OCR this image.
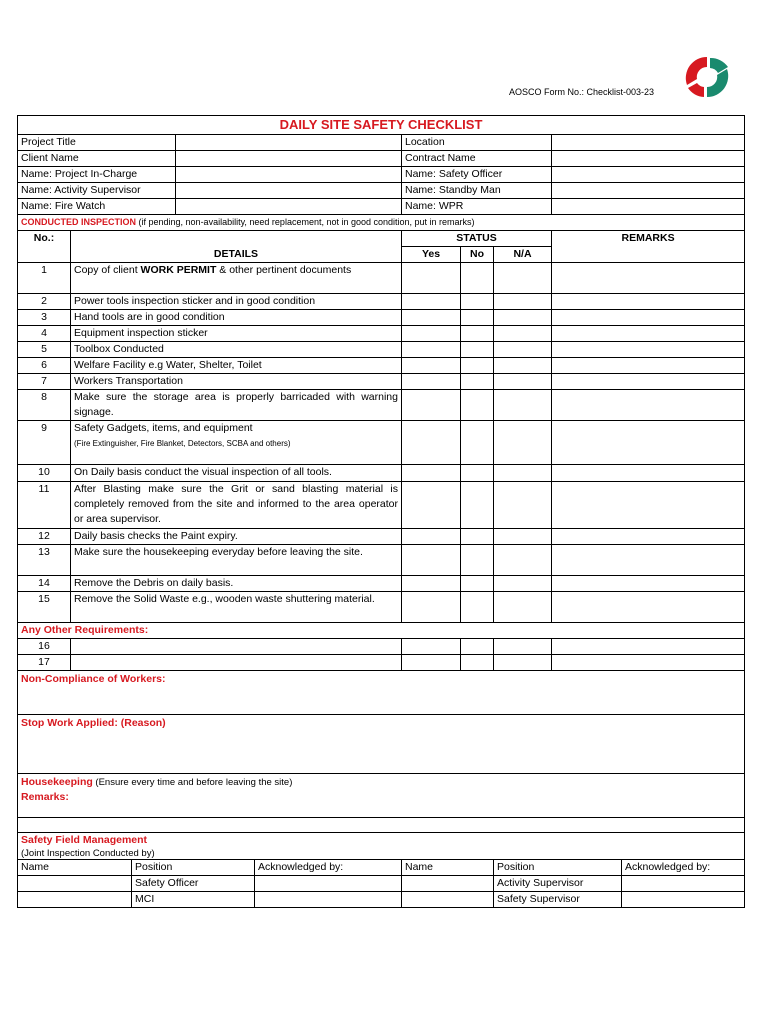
AOSCO Form No.: Checklist-003-23
DAILY SITE SAFETY CHECKLIST						
Project Title			Location			
Client Name			Contract Name			
Name: Project In-Charge			Name: Safety Officer			
Name: Activity Supervisor			Name: Standby Man			
Name: Fire Watch			Name: WPR			
CONDUCTED INSPECTION (if pending, non-availability, need replacement, not in good condition, put in remarks)						
No.:	DETAILS		STATUS			REMARKS
			Yes	No	N/A	
1	Copy of client WORK PERMIT & other pertinent documents					
2	Power tools inspection sticker and in good condition					
3	Hand tools are in good condition					
4	Equipment inspection sticker					
5	Toolbox Conducted					
6	Welfare Facility e.g Water, Shelter, Toilet					
7	Workers Transportation					
8	Make sure the storage area is properly barricaded with warning signage.					
9	Safety Gadgets, items, and equipment
(Fire Extinguisher, Fire Blanket, Detectors, SCBA and others)					
10	On Daily basis conduct the visual inspection of all tools.					
11	After Blasting make sure the Grit or sand blasting material is completely removed from the site and informed to the area operator or area supervisor.					
12	Daily basis checks the Paint expiry.					
13	Make sure the housekeeping everyday before leaving the site.					
14	Remove the Debris on daily basis.					
15	Remove the Solid Waste e.g., wooden waste shuttering material.					
Any Other Requirements:						
16						
17						
Non-Compliance of Workers:						
Stop Work Applied: (Reason)						
Housekeeping (Ensure every time and before leaving the site)
Remarks:						

Safety Field Management
(Joint Inspection Conducted by)						
Name	Position	Acknowledged by:	Name	Position	Acknowledged by:
	Safety Officer			Activity Supervisor	
	MCI			Safety Supervisor	
